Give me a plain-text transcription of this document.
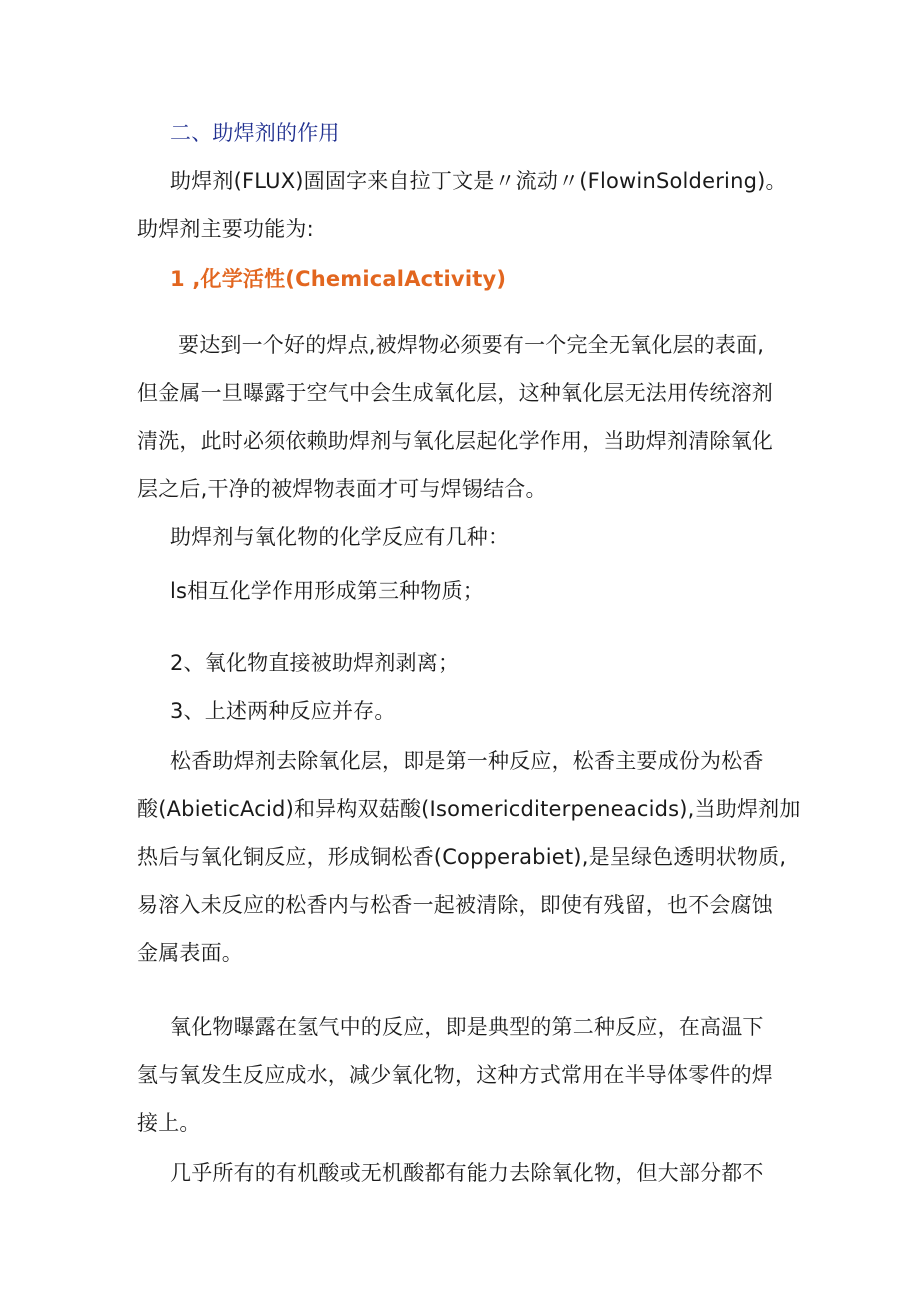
二、助焊剂的作用
助焊剂(FLUX)圄固字来自拉丁文是〃流动〃(FlowinSoldering)。
助焊剂主要功能为:
1 ,化学活性(ChemicalActivity)
要达到一个好的焊点,被焊物必须要有一个完全无氧化层的表面,
但金属一旦曝露于空气中会生成氧化层，这种氧化层无法用传统溶剂
清洗，此时必须依赖助焊剂与氧化层起化学作用，当助焊剂清除氧化
层之后,干净的被焊物表面才可与焊锡结合。
助焊剂与氧化物的化学反应有几种：
ls相互化学作用形成第三种物质；
2、氧化物直接被助焊剂剥离；
3、上述两种反应并存。
松香助焊剂去除氧化层，即是第一种反应，松香主要成份为松香
酸(AbieticAcid)和异构双菇酸(Isomericditerpeneacids),当助焊剂加
热后与氧化铜反应，形成铜松香(Copperabiet),是呈绿色透明状物质,
易溶入未反应的松香内与松香一起被清除，即使有残留，也不会腐蚀
金属表面。
氧化物曝露在氢气中的反应，即是典型的第二种反应，在高温下
氢与氧发生反应成水，减少氧化物，这种方式常用在半导体零件的焊
接上。
几乎所有的有机酸或无机酸都有能力去除氧化物，但大部分都不
